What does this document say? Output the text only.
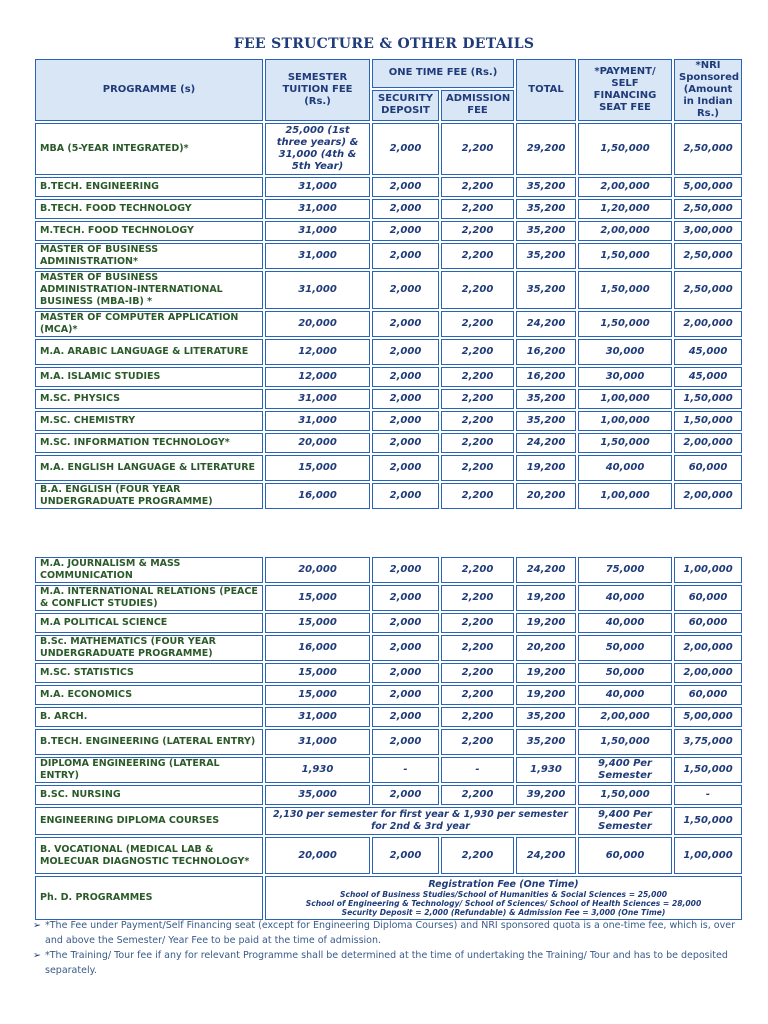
FEE STRUCTURE & OTHER DETAILS
PROGRAMME (s)	SEMESTER TUITION FEE (Rs.)	ONE TIME FEE (Rs.)		TOTAL	*PAYMENT/ SELF FINANCING SEAT FEE	*NRI Sponsored (Amount in Indian Rs.)
		SECURITY DEPOSIT	ADMISSION FEE			
MBA (5-YEAR INTEGRATED)*	25,000 (1st three years) & 31,000 (4th & 5th Year)	2,000	2,200	29,200	1,50,000	2,50,000
B.TECH. ENGINEERING	31,000	2,000	2,200	35,200	2,00,000	5,00,000
B.TECH. FOOD TECHNOLOGY	31,000	2,000	2,200	35,200	1,20,000	2,50,000
M.TECH. FOOD TECHNOLOGY	31,000	2,000	2,200	35,200	2,00,000	3,00,000
MASTER OF BUSINESS ADMINISTRATION*	31,000	2,000	2,200	35,200	1,50,000	2,50,000
MASTER OF BUSINESS ADMINISTRATION-INTERNATIONAL BUSINESS (MBA-IB) *	31,000	2,000	2,200	35,200	1,50,000	2,50,000
MASTER OF COMPUTER APPLICATION (MCA)*	20,000	2,000	2,200	24,200	1,50,000	2,00,000
M.A. ARABIC LANGUAGE & LITERATURE	12,000	2,000	2,200	16,200	30,000	45,000
M.A. ISLAMIC STUDIES	12,000	2,000	2,200	16,200	30,000	45,000
M.SC. PHYSICS	31,000	2,000	2,200	35,200	1,00,000	1,50,000
M.SC. CHEMISTRY	31,000	2,000	2,200	35,200	1,00,000	1,50,000
M.SC. INFORMATION TECHNOLOGY*	20,000	2,000	2,200	24,200	1,50,000	2,00,000
M.A. ENGLISH LANGUAGE & LITERATURE	15,000	2,000	2,200	19,200	40,000	60,000
B.A. ENGLISH (FOUR YEAR UNDERGRADUATE PROGRAMME)	16,000	2,000	2,200	20,200	1,00,000	2,00,000
M.A. JOURNALISM & MASS COMMUNICATION	20,000	2,000	2,200	24,200	75,000	1,00,000
M.A. INTERNATIONAL RELATIONS (PEACE & CONFLICT STUDIES)	15,000	2,000	2,200	19,200	40,000	60,000
M.A POLITICAL SCIENCE	15,000	2,000	2,200	19,200	40,000	60,000
B.Sc. MATHEMATICS (FOUR YEAR UNDERGRADUATE PROGRAMME)	16,000	2,000	2,200	20,200	50,000	2,00,000
M.SC. STATISTICS	15,000	2,000	2,200	19,200	50,000	2,00,000
M.A. ECONOMICS	15,000	2,000	2,200	19,200	40,000	60,000
B. ARCH.	31,000	2,000	2,200	35,200	2,00,000	5,00,000
B.TECH. ENGINEERING (LATERAL ENTRY)	31,000	2,000	2,200	35,200	1,50,000	3,75,000
DIPLOMA ENGINEERING (LATERAL ENTRY)	1,930	-	-	1,930	9,400 Per Semester	1,50,000
B.SC. NURSING	35,000	2,000	2,200	39,200	1,50,000	-
ENGINEERING DIPLOMA COURSES	2,130 per semester for first year & 1,930 per semester for 2nd & 3rd year				9,400 Per Semester	1,50,000
B. VOCATIONAL (MEDICAL LAB & MOLECUAR DIAGNOSTIC TECHNOLOGY*	20,000	2,000	2,200	24,200	60,000	1,00,000
Ph. D. PROGRAMMES	Registration Fee (One Time)
School of Business Studies/School of Humanities & Social Sciences = 25,000
School of Engineering & Technology/ School of Sciences/ School of Health Sciences = 28,000
Security Deposit = 2,000 (Refundable) & Admission Fee = 3,000 (One Time)					
➢ *The Fee under Payment/Self Financing seat (except for Engineering Diploma Courses) and NRI sponsored quota is a one-time fee, which is, over and above the Semester/ Year Fee to be paid at the time of admission.
➢ *The Training/ Tour fee if any for relevant Programme shall be determined at the time of undertaking the Training/ Tour and has to be deposited separately.
